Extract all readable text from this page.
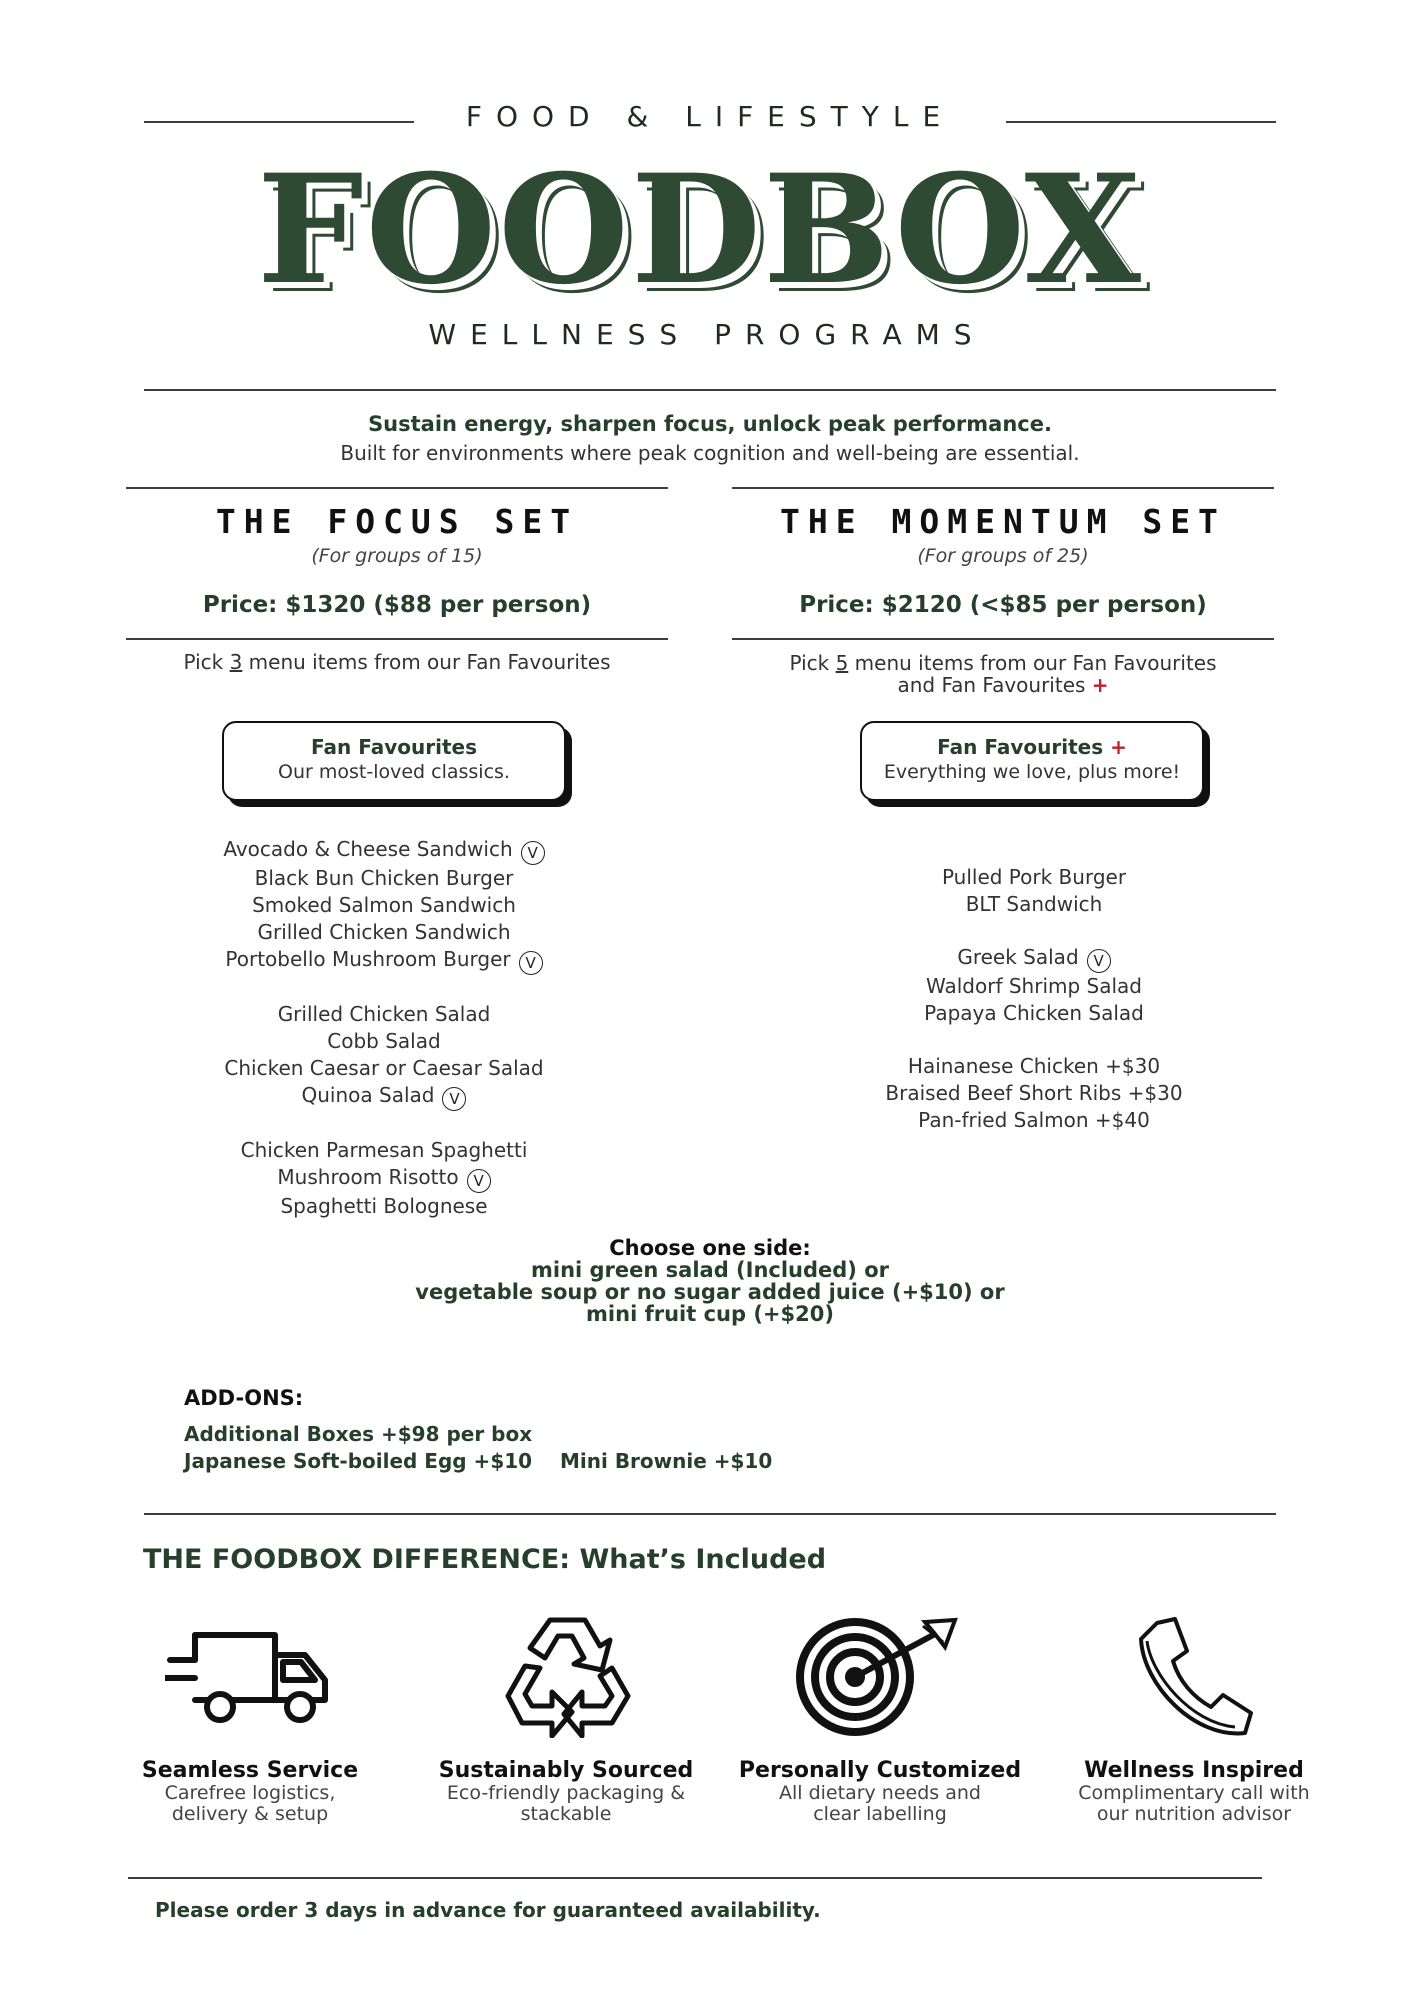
FOOD & LIFESTYLE
FOODBOX
WELLNESS PROGRAMS
Sustain energy, sharpen focus, unlock peak performance.
Built for environments where peak cognition and well-being are essential.
THE FOCUS SET
(For groups of 15)
Price: $1320 ($88 per person)
Pick 3 menu items from our Fan Favourites
Fan Favourites
Our most-loved classics.
Avocado & Cheese Sandwich V
Black Bun Chicken Burger
Smoked Salmon Sandwich
Grilled Chicken Sandwich
Portobello Mushroom Burger V
Grilled Chicken Salad
Cobb Salad
Chicken Caesar or Caesar Salad
Quinoa Salad V
Chicken Parmesan Spaghetti
Mushroom Risotto V
Spaghetti Bolognese
THE MOMENTUM SET
(For groups of 25)
Price: $2120 (<$85 per person)
Pick 5 menu items from our Fan Favourites
and Fan Favourites +
Fan Favourites +
Everything we love, plus more!
Pulled Pork Burger
BLT Sandwich
Greek Salad V
Waldorf Shrimp Salad
Papaya Chicken Salad
Hainanese Chicken +$30
Braised Beef Short Ribs +$30
Pan-fried Salmon +$40
Choose one side:
mini green salad (Included) or
vegetable soup or no sugar added juice (+$10) or
mini fruit cup (+$20)
ADD-ONS:
Additional Boxes +$98 per box
Japanese Soft-boiled Egg +$10 Mini Brownie +$10
THE FOODBOX DIFFERENCE: What’s Included
Seamless Service
Carefree logistics,
delivery & setup
Sustainably Sourced
Eco-friendly packaging &
stackable
Personally Customized
All dietary needs and
clear labelling
Wellness Inspired
Complimentary call with
our nutrition advisor
Please order 3 days in advance for guaranteed availability.
